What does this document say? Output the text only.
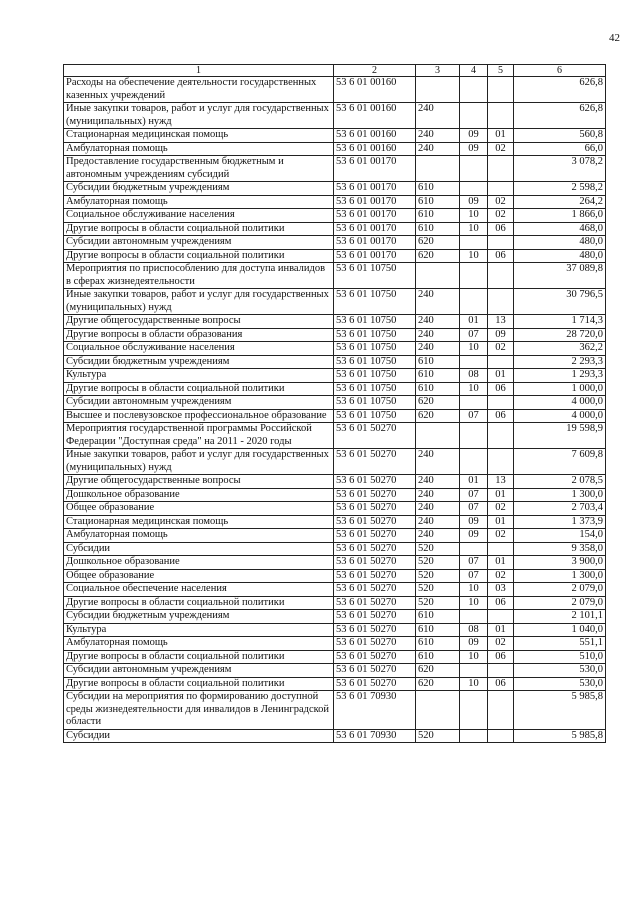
42
1	2	3	4	5	6
Расходы на обеспечение деятельности государственных казенных учреждений	53 6 01 00160				626,8
Иные закупки товаров, работ и услуг для государственных (муниципальных) нужд	53 6 01 00160	240			626,8
Стационарная медицинская помощь	53 6 01 00160	240	09	01	560,8
Амбулаторная помощь	53 6 01 00160	240	09	02	66,0
Предоставление государственным бюджетным и автономным учреждениям субсидий	53 6 01 00170				3 078,2
Субсидии бюджетным учреждениям	53 6 01 00170	610			2 598,2
Амбулаторная помощь	53 6 01 00170	610	09	02	264,2
Социальное обслуживание населения	53 6 01 00170	610	10	02	1 866,0
Другие вопросы в области социальной политики	53 6 01 00170	610	10	06	468,0
Субсидии автономным учреждениям	53 6 01 00170	620			480,0
Другие вопросы в области социальной политики	53 6 01 00170	620	10	06	480,0
Мероприятия по приспособлению для доступа инвалидов в сферах жизнедеятельности	53 6 01 10750				37 089,8
Иные закупки товаров, работ и услуг для государственных (муниципальных) нужд	53 6 01 10750	240			30 796,5
Другие общегосударственные вопросы	53 6 01 10750	240	01	13	1 714,3
Другие вопросы в области образования	53 6 01 10750	240	07	09	28 720,0
Социальное обслуживание населения	53 6 01 10750	240	10	02	362,2
Субсидии бюджетным учреждениям	53 6 01 10750	610			2 293,3
Культура	53 6 01 10750	610	08	01	1 293,3
Другие вопросы в области социальной политики	53 6 01 10750	610	10	06	1 000,0
Субсидии автономным учреждениям	53 6 01 10750	620			4 000,0
Высшее и послевузовское профессиональное образование	53 6 01 10750	620	07	06	4 000,0
Мероприятия государственной программы Российской Федерации "Доступная среда" на 2011 - 2020 годы	53 6 01 50270				19 598,9
Иные закупки товаров, работ и услуг для государственных (муниципальных) нужд	53 6 01 50270	240			7 609,8
Другие общегосударственные вопросы	53 6 01 50270	240	01	13	2 078,5
Дошкольное образование	53 6 01 50270	240	07	01	1 300,0
Общее образование	53 6 01 50270	240	07	02	2 703,4
Стационарная медицинская помощь	53 6 01 50270	240	09	01	1 373,9
Амбулаторная помощь	53 6 01 50270	240	09	02	154,0
Субсидии	53 6 01 50270	520			9 358,0
Дошкольное образование	53 6 01 50270	520	07	01	3 900,0
Общее образование	53 6 01 50270	520	07	02	1 300,0
Социальное обеспечение населения	53 6 01 50270	520	10	03	2 079,0
Другие вопросы в области социальной политики	53 6 01 50270	520	10	06	2 079,0
Субсидии бюджетным учреждениям	53 6 01 50270	610			2 101,1
Культура	53 6 01 50270	610	08	01	1 040,0
Амбулаторная помощь	53 6 01 50270	610	09	02	551,1
Другие вопросы в области социальной политики	53 6 01 50270	610	10	06	510,0
Субсидии автономным учреждениям	53 6 01 50270	620			530,0
Другие вопросы в области социальной политики	53 6 01 50270	620	10	06	530,0
Субсидии на мероприятия по формированию доступной среды жизнедеятельности для инвалидов в Ленинградской области	53 6 01 70930				5 985,8
Субсидии	53 6 01 70930	520			5 985,8
